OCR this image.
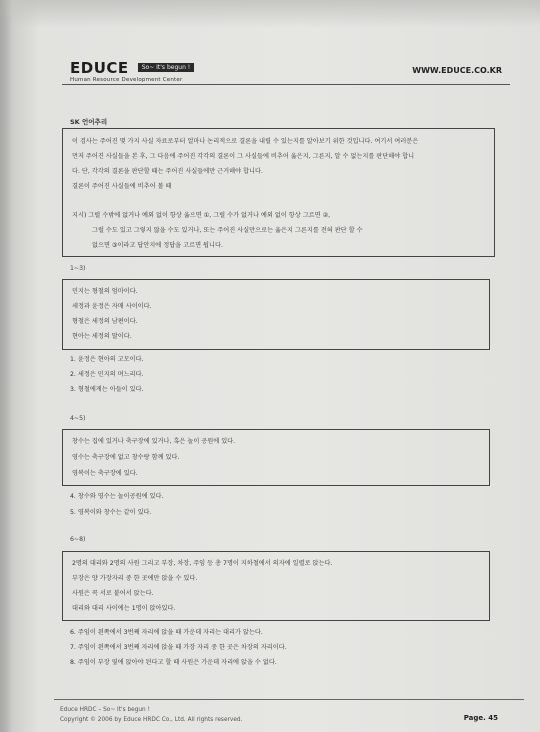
EDUCE So~ It's begun !
Human Resource Development Center
WWW.EDUCE.CO.KR
SK 언어추리
이 검사는 주어진 몇 가지 사실 자료로부터 얼마나 논리적으로 결론을 내릴 수 있는지를 알아보기 위한 것입니다. 여기서 여러분은
먼저 주어진 사실들을 본 후, 그 다음에 주어진 각각의 결론이 그 사실들에 비추어 옳은지, 그른지, 알 수 없는지를 판단해야 합니
다. 단, 각각의 결론을 판단할 때는 주어진 사실들에만 근거해야 합니다.
결론이 주어진 사실들에 비추어 볼 때
지시) 그럴 수밖에 없거나 예외 없이 항상 옳으면 ①, 그럴 수가 없거나 예외 없이 항상 그르면 ②,
그럴 수도 있고 그렇지 않을 수도 있거나, 또는 주어진 사실만으로는 옳은지 그른지를 전혀 판단 할 수
없으면 ③이라고 답안지에 정답을 고르면 됩니다.
1~3)
민지는 형철의 엄마이다.
세정과 윤정은 자매 사이이다.
형철은 세정의 남편이다.
현아는 세정의 딸이다.
1. 윤정은 현아의 고모이다.
2. 세정은 민지의 며느리다.
3. 형철에게는 아들이 있다.
4~5)
창수는 집에 있거나 축구장에 있거나, 혹은 놀이 공원에 있다.
영수는 축구장에 없고 창수랑 함께 있다.
영복이는 축구장에 있다.
4. 창수와 영수는 놀이공원에 있다.
5. 영복이와 창수는 같이 있다.
6~8)
2명의 대리와 2명의 사원 그리고 부장, 차장, 주임 등 총 7명이 지하철에서 의자에 일렬로 앉는다.
부장은 양 가장자리 중 한 곳에만 앉을 수 있다.
사원은 꼭 서로 붙어서 앉는다.
대리와 대리 사이에는 1명이 앉아있다.
6. 주임이 왼쪽에서 3번째 자리에 앉을 때 가운데 자리는 대리가 앉는다.
7. 주임이 왼쪽에서 3번째 자리에 앉을 때 가장 자리 중 한 곳은 차장의 자리이다.
8. 주임이 부장 옆에 앉아야 된다고 할 때 사원은 가운데 자리에 앉을 수 없다.
Educe HRDC – So~ It's begun !
Copyright © 2006 by Educe HRDC Co., Ltd. All rights reserved.	Page. 45
